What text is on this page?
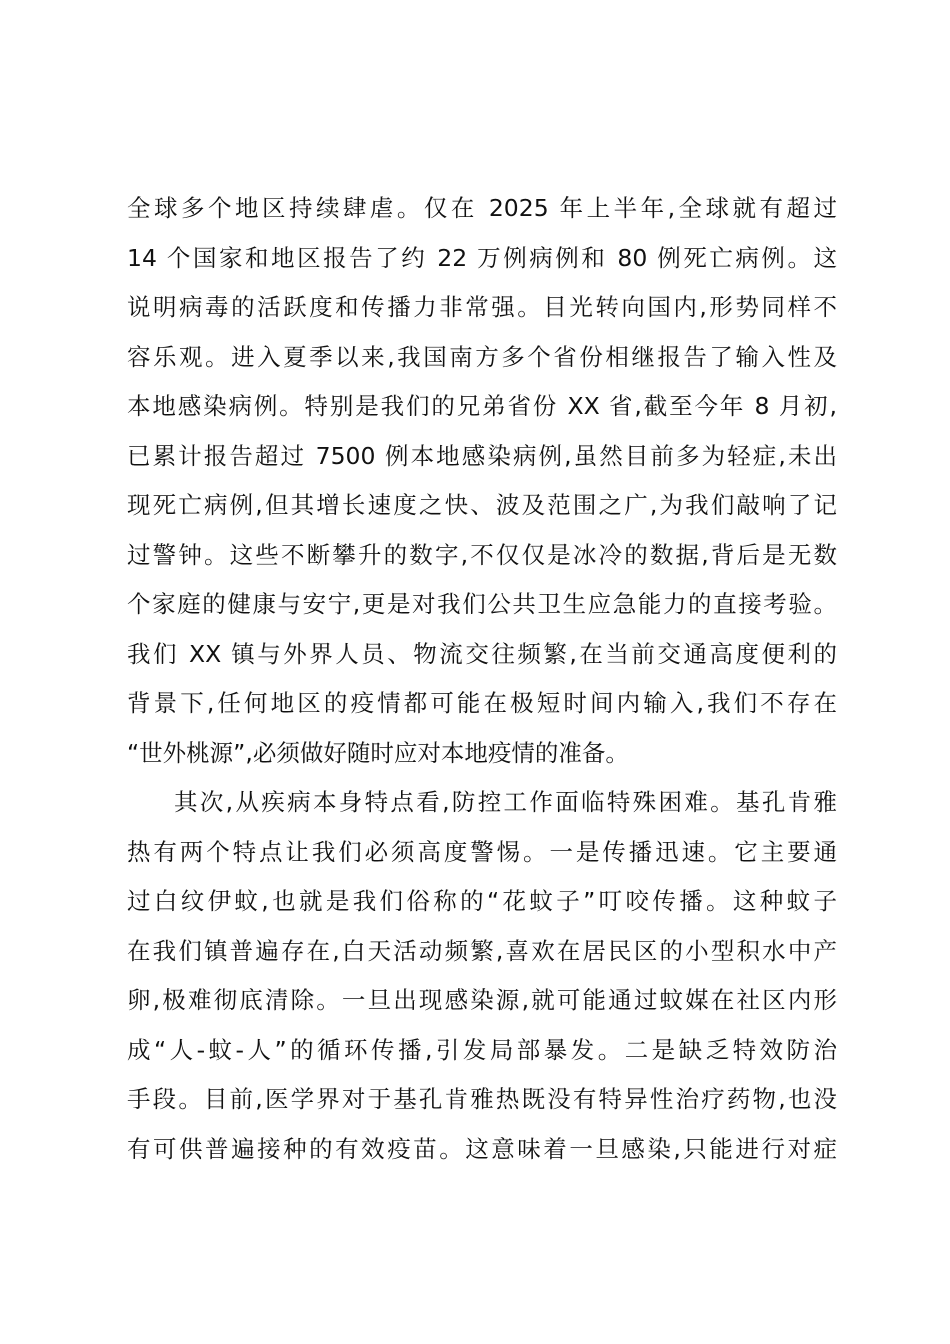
全球多个地区持续肆虐。仅在 2025 年上半年,全球就有超过
14 个国家和地区报告了约 22 万例病例和 80 例死亡病例。这
说明病毒的活跃度和传播力非常强。目光转向国内,形势同样不
容乐观。进入夏季以来,我国南方多个省份相继报告了输入性及
本地感染病例。特别是我们的兄弟省份 XX 省,截至今年 8 月初,
已累计报告超过 7500 例本地感染病例,虽然目前多为轻症,未出
现死亡病例,但其增长速度之快、波及范围之广,为我们敲响了记
过警钟。这些不断攀升的数字,不仅仅是冰冷的数据,背后是无数
个家庭的健康与安宁,更是对我们公共卫生应急能力的直接考验。
我们 XX 镇与外界人员、物流交往频繁,在当前交通高度便利的
背景下,任何地区的疫情都可能在极短时间内输入,我们不存在
“世外桃源”,必须做好随时应对本地疫情的准备。
其次,从疾病本身特点看,防控工作面临特殊困难。基孔肯雅
热有两个特点让我们必须高度警惕。一是传播迅速。它主要通
过白纹伊蚊,也就是我们俗称的“花蚊子”叮咬传播。这种蚊子
在我们镇普遍存在,白天活动频繁,喜欢在居民区的小型积水中产
卵,极难彻底清除。一旦出现感染源,就可能通过蚊媒在社区内形
成“人-蚊-人”的循环传播,引发局部暴发。二是缺乏特效防治
手段。目前,医学界对于基孔肯雅热既没有特异性治疗药物,也没
有可供普遍接种的有效疫苗。这意味着一旦感染,只能进行对症
